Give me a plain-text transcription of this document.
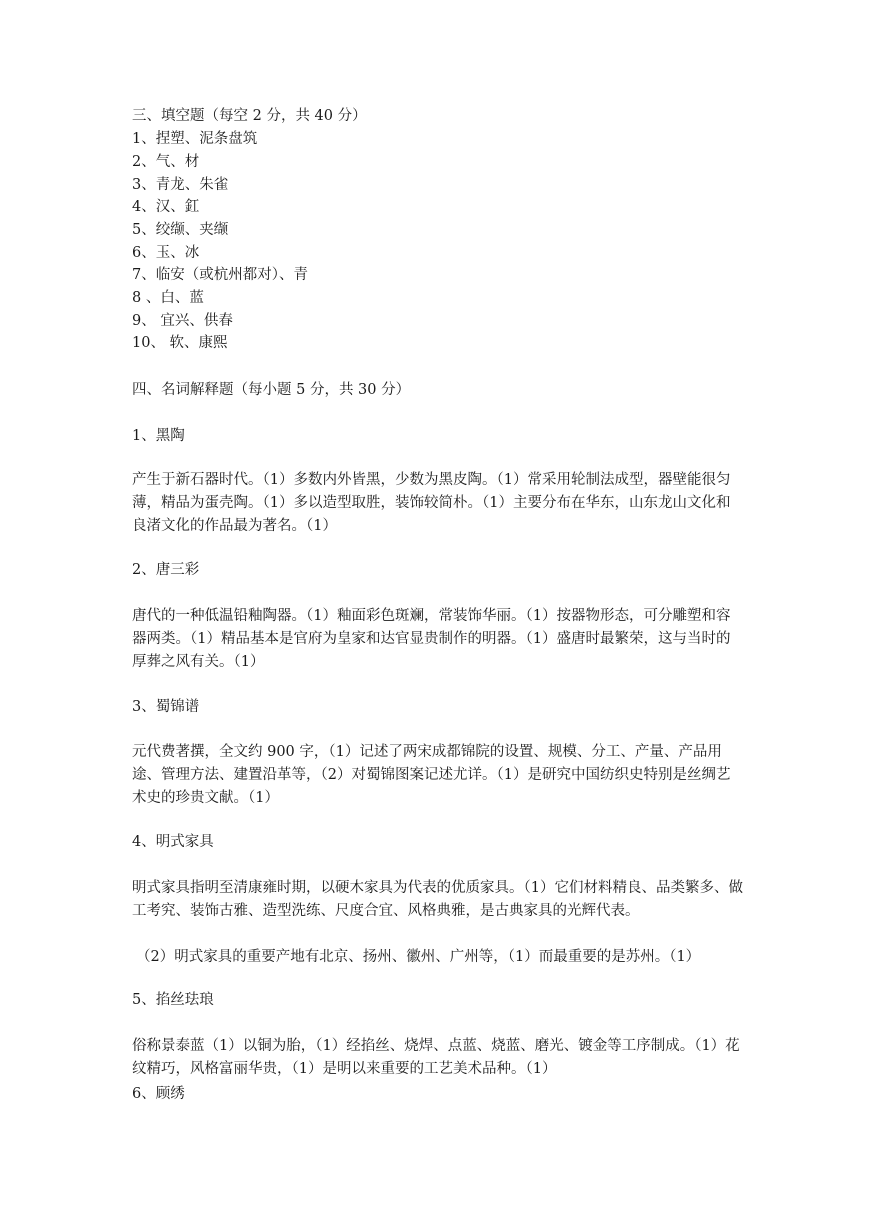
三、填空题（每空 2 分，共 40 分）
1、捏塑、泥条盘筑
2、气、材
3、青龙、朱雀
4、汉、釭
5、绞缬、夹缬
6、玉、冰
7、临安（或杭州都对）、青
8 、白、蓝
9、 宜兴、供春
10、 软、康熙
四、名词解释题（每小题 5 分，共 30 分）
1、黑陶

产生于新石器时代。（1）多数内外皆黑，少数为黑皮陶。（1）常采用轮制法成型，器壁能很匀薄，精品为蛋壳陶。（1）多以造型取胜，装饰较简朴。（1）主要分布在华东，山东龙山文化和良渚文化的作品最为著名。（1）

2、唐三彩

唐代的一种低温铅釉陶器。（1）釉面彩色斑斓，常装饰华丽。（1）按器物形态，可分雕塑和容器两类。（1）精品基本是官府为皇家和达官显贵制作的明器。（1）盛唐时最繁荣，这与当时的厚葬之风有关。（1）

3、蜀锦谱

元代费著撰，全文约 900 字，（1）记述了两宋成都锦院的设置、规模、分工、产量、产品用途、管理方法、建置沿革等，（2）对蜀锦图案记述尤详。（1）是研究中国纺织史特别是丝绸艺术史的珍贵文献。（1）

4、明式家具

明式家具指明至清康雍时期，以硬木家具为代表的优质家具。（1）它们材料精良、品类繁多、做工考究、装饰古雅、造型洗练、尺度合宜、风格典雅，是古典家具的光辉代表。

（2）明式家具的重要产地有北京、扬州、徽州、广州等，（1）而最重要的是苏州。（1）

5、掐丝珐琅

俗称景泰蓝（1）以铜为胎，（1）经掐丝、烧焊、点蓝、烧蓝、磨光、镀金等工序制成。（1）花纹精巧，风格富丽华贵，（1）是明以来重要的工艺美术品种。（1）

6、顾绣
